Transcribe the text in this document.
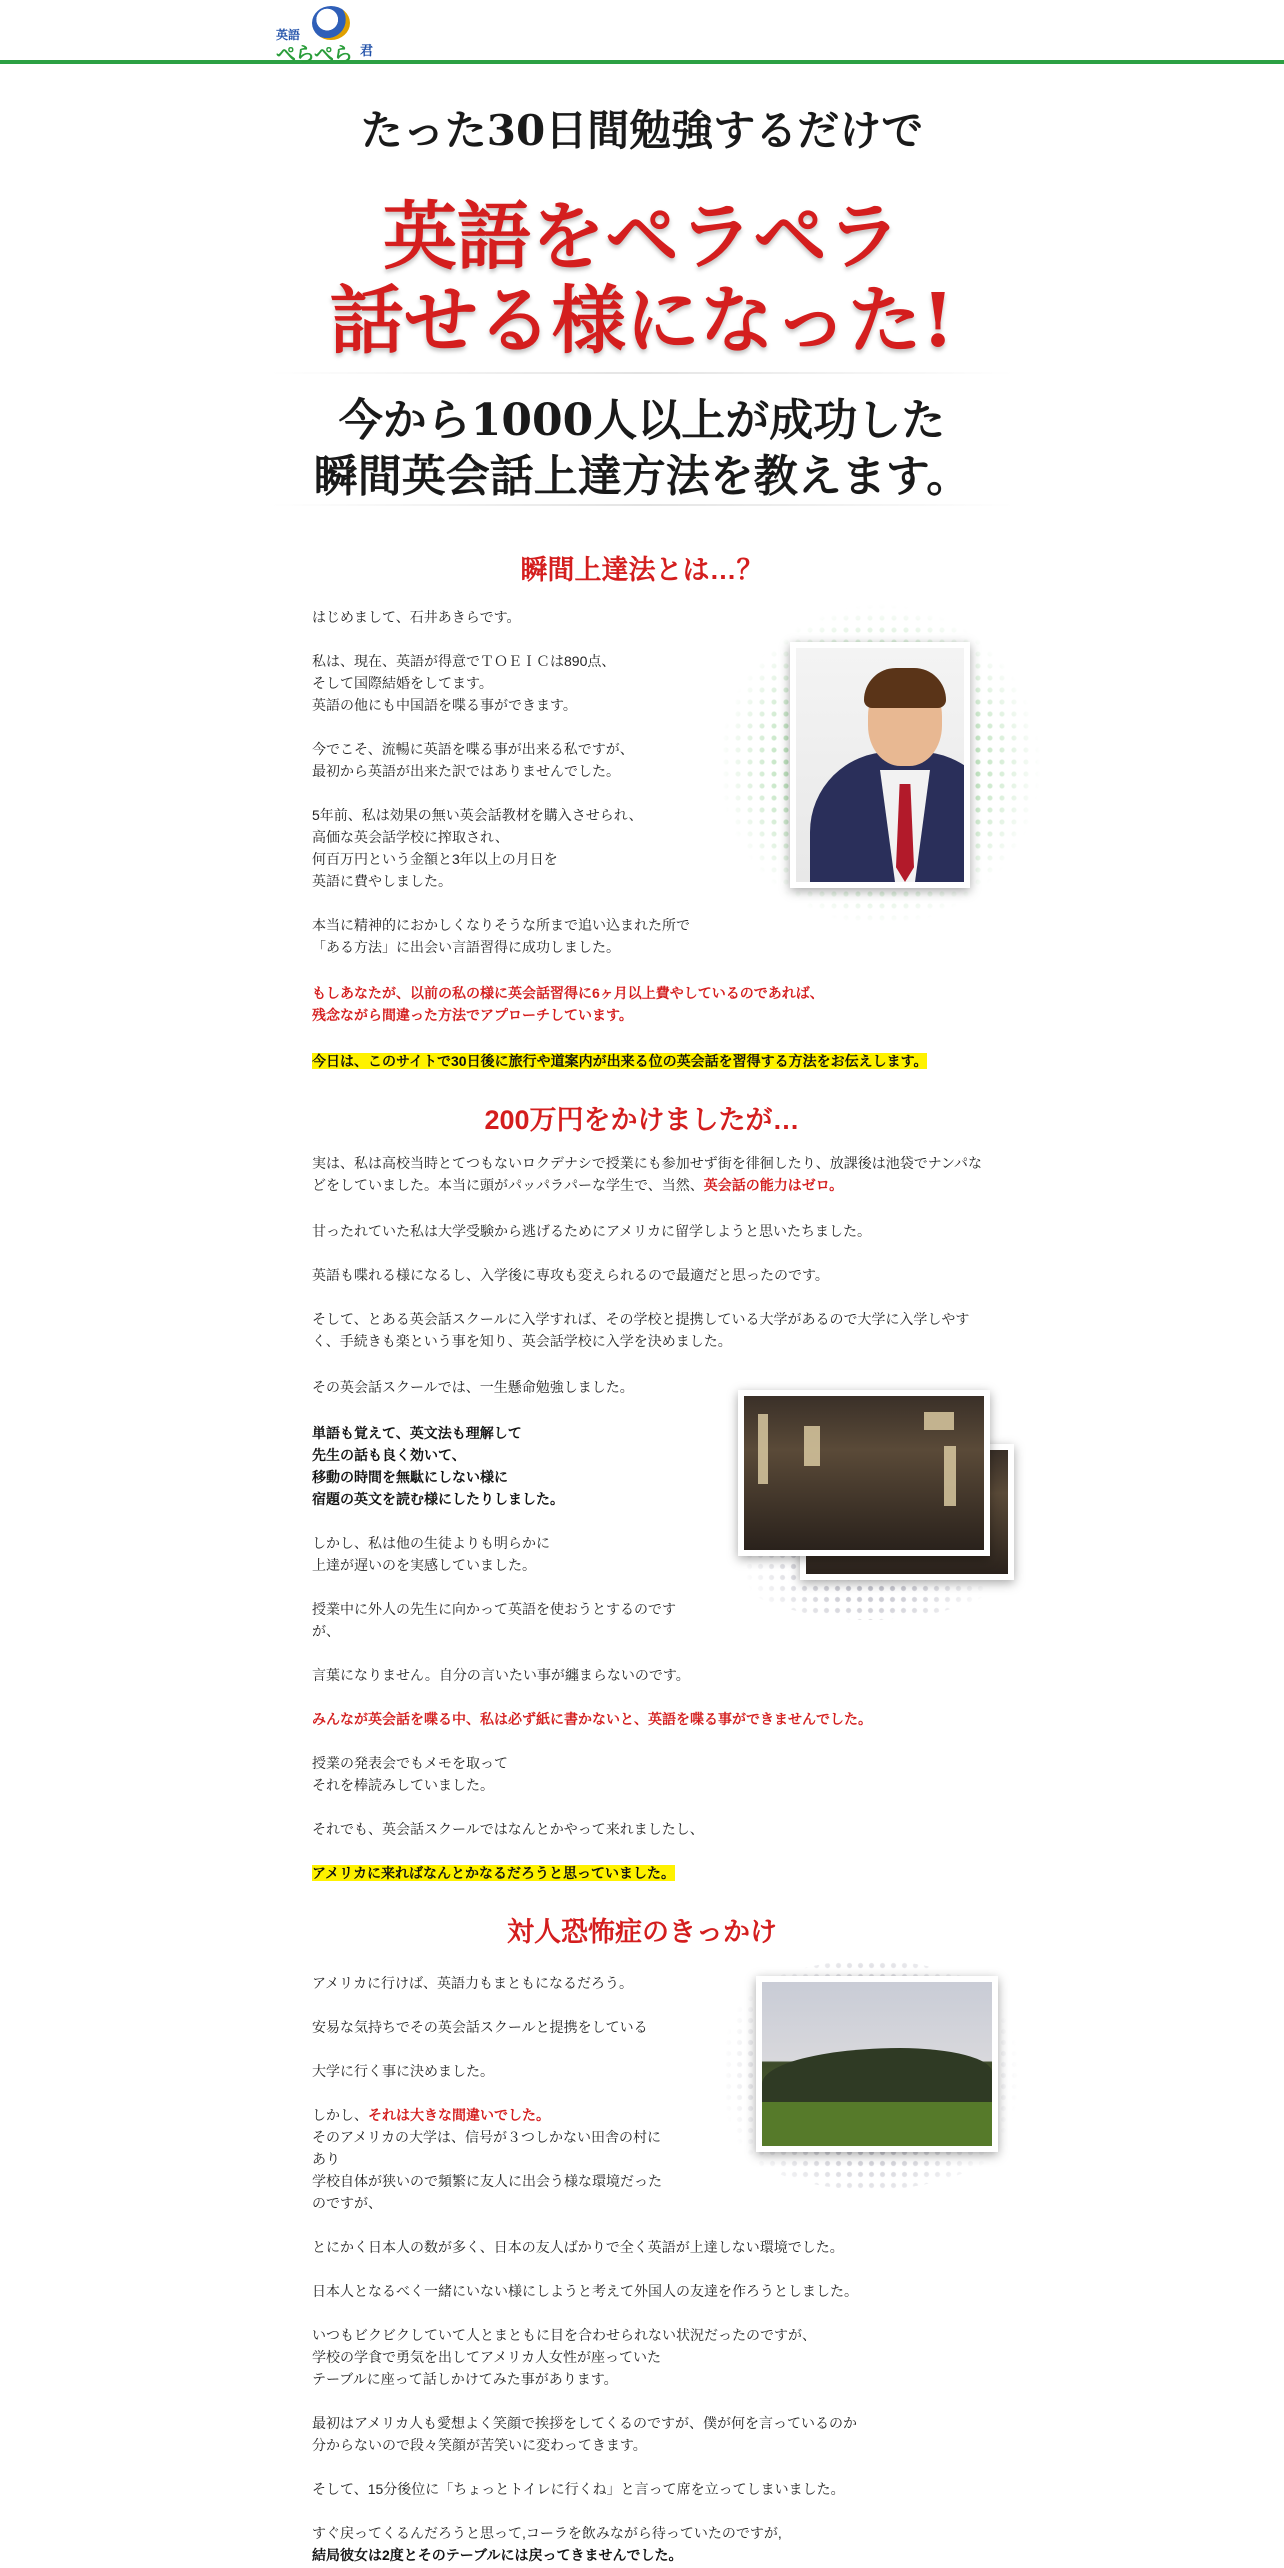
英語
ぺらぺら 君
たった30日間勉強するだけで
英語をペラペラ
話せる様になった!
今から1000人以上が成功した
瞬間英会話上達方法を教えます。
瞬間上達法とは…？
はじめまして、石井あきらです。
私は、現在、英語が得意でＴＯＥＩＣは890点、
そして国際結婚をしてます。
英語の他にも中国語を喋る事ができます。
今でこそ、流暢に英語を喋る事が出来る私ですが、
最初から英語が出来た訳ではありませんでした。
5年前、私は効果の無い英会話教材を購入させられ、
高価な英会話学校に搾取され、
何百万円という金額と3年以上の月日を
英語に費やしました。
本当に精神的におかしくなりそうな所まで追い込まれた所で
「ある方法」に出会い言語習得に成功しました。
もしあなたが、以前の私の様に英会話習得に6ヶ月以上費やしているのであれば、
残念ながら間違った方法でアプローチしています。
今日は、このサイトで30日後に旅行や道案内が出来る位の英会話を習得する方法をお伝えします。
200万円をかけましたが…
実は、私は高校当時とてつもないロクデナシで授業にも参加せず街を徘徊したり、放課後は池袋でナンパなどをしていました。本当に頭がパッパラパーな学生で、当然、英会話の能力はゼロ。
甘ったれていた私は大学受験から逃げるためにアメリカに留学しようと思いたちました。
英語も喋れる様になるし、入学後に専攻も変えられるので最適だと思ったのです。
そして、とある英会話スクールに入学すれば、その学校と提携している大学があるので大学に入学しやすく、手続きも楽という事を知り、英会話学校に入学を決めました。
その英会話スクールでは、一生懸命勉強しました。
単語も覚えて、英文法も理解して
先生の話も良く効いて、
移動の時間を無駄にしない様に
宿題の英文を読む様にしたりしました。
しかし、私は他の生徒よりも明らかに
上達が遅いのを実感していました。
授業中に外人の先生に向かって英語を使おうとするのです
が、
言葉になりません。自分の言いたい事が纏まらないのです。
みんなが英会話を喋る中、私は必ず紙に書かないと、英語を喋る事ができませんでした。
授業の発表会でもメモを取って
それを棒読みしていました。
それでも、英会話スクールではなんとかやって来れましたし、
アメリカに来ればなんとかなるだろうと思っていました。
対人恐怖症のきっかけ
アメリカに行けば、英語力もまともになるだろう。
安易な気持ちでその英会話スクールと提携をしている
大学に行く事に決めました。
しかし、それは大きな間違いでした。
そのアメリカの大学は、信号が３つしかない田舎の村に
あり
学校自体が狭いので頻繁に友人に出会う様な環境だった
のですが、
とにかく日本人の数が多く、日本の友人ばかりで全く英語が上達しない環境でした。
日本人となるべく一緒にいない様にしようと考えて外国人の友達を作ろうとしました。
いつもビクビクしていて人とまともに目を合わせられない状況だったのですが、
学校の学食で勇気を出してアメリカ人女性が座っていた
テーブルに座って話しかけてみた事があります。
最初はアメリカ人も愛想よく笑顔で挨拶をしてくるのですが、僕が何を言っているのか
分からないので段々笑顔が苦笑いに変わってきます。
そして、15分後位に「ちょっとトイレに行くね」と言って席を立ってしまいました。
すぐ戻ってくるんだろうと思って,コーラを飲みながら待っていたのですが,
結局彼女は2度とそのテーブルには戻ってきませんでした。
